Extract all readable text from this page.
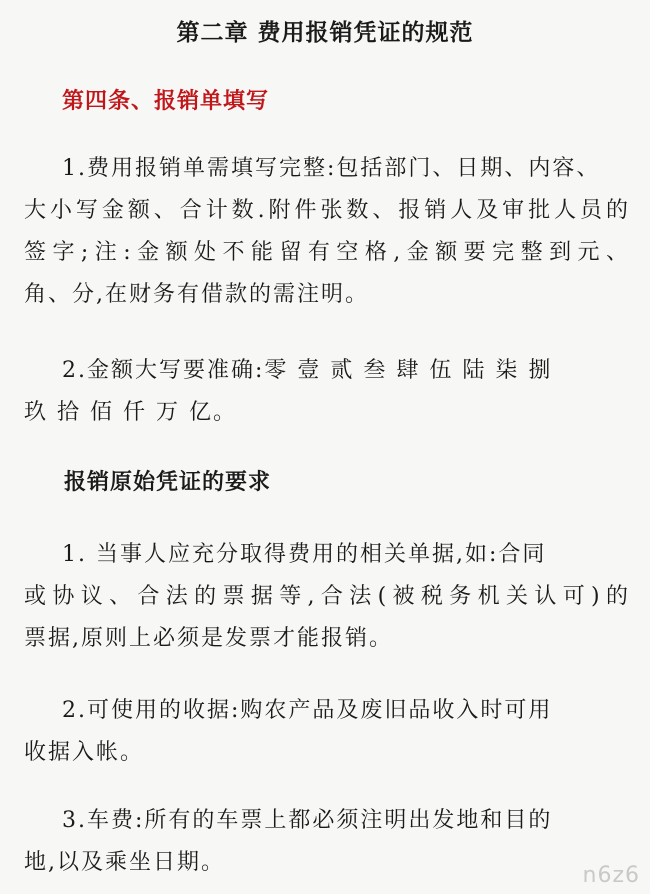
第二章 费用报销凭证的规范
第四条、报销单填写
1.费用报销单需填写完整:包括部门、日期、内容、
大小写金额、合计数.附件张数、报销人及审批人员的
签字;注:金额处不能留有空格,金额要完整到元、
角、分,在财务有借款的需注明。
2.金额大写要准确:零 壹 贰 叁 肆 伍 陆 柒 捌
玖 拾 佰 仟 万 亿。
报销原始凭证的要求
1. 当事人应充分取得费用的相关单据,如:合同
或协议、合法的票据等,合法(被税务机关认可)的
票据,原则上必须是发票才能报销。
2.可使用的收据:购农产品及废旧品收入时可用
收据入帐。
3.车费:所有的车票上都必须注明出发地和目的
地,以及乘坐日期。
n6z6
